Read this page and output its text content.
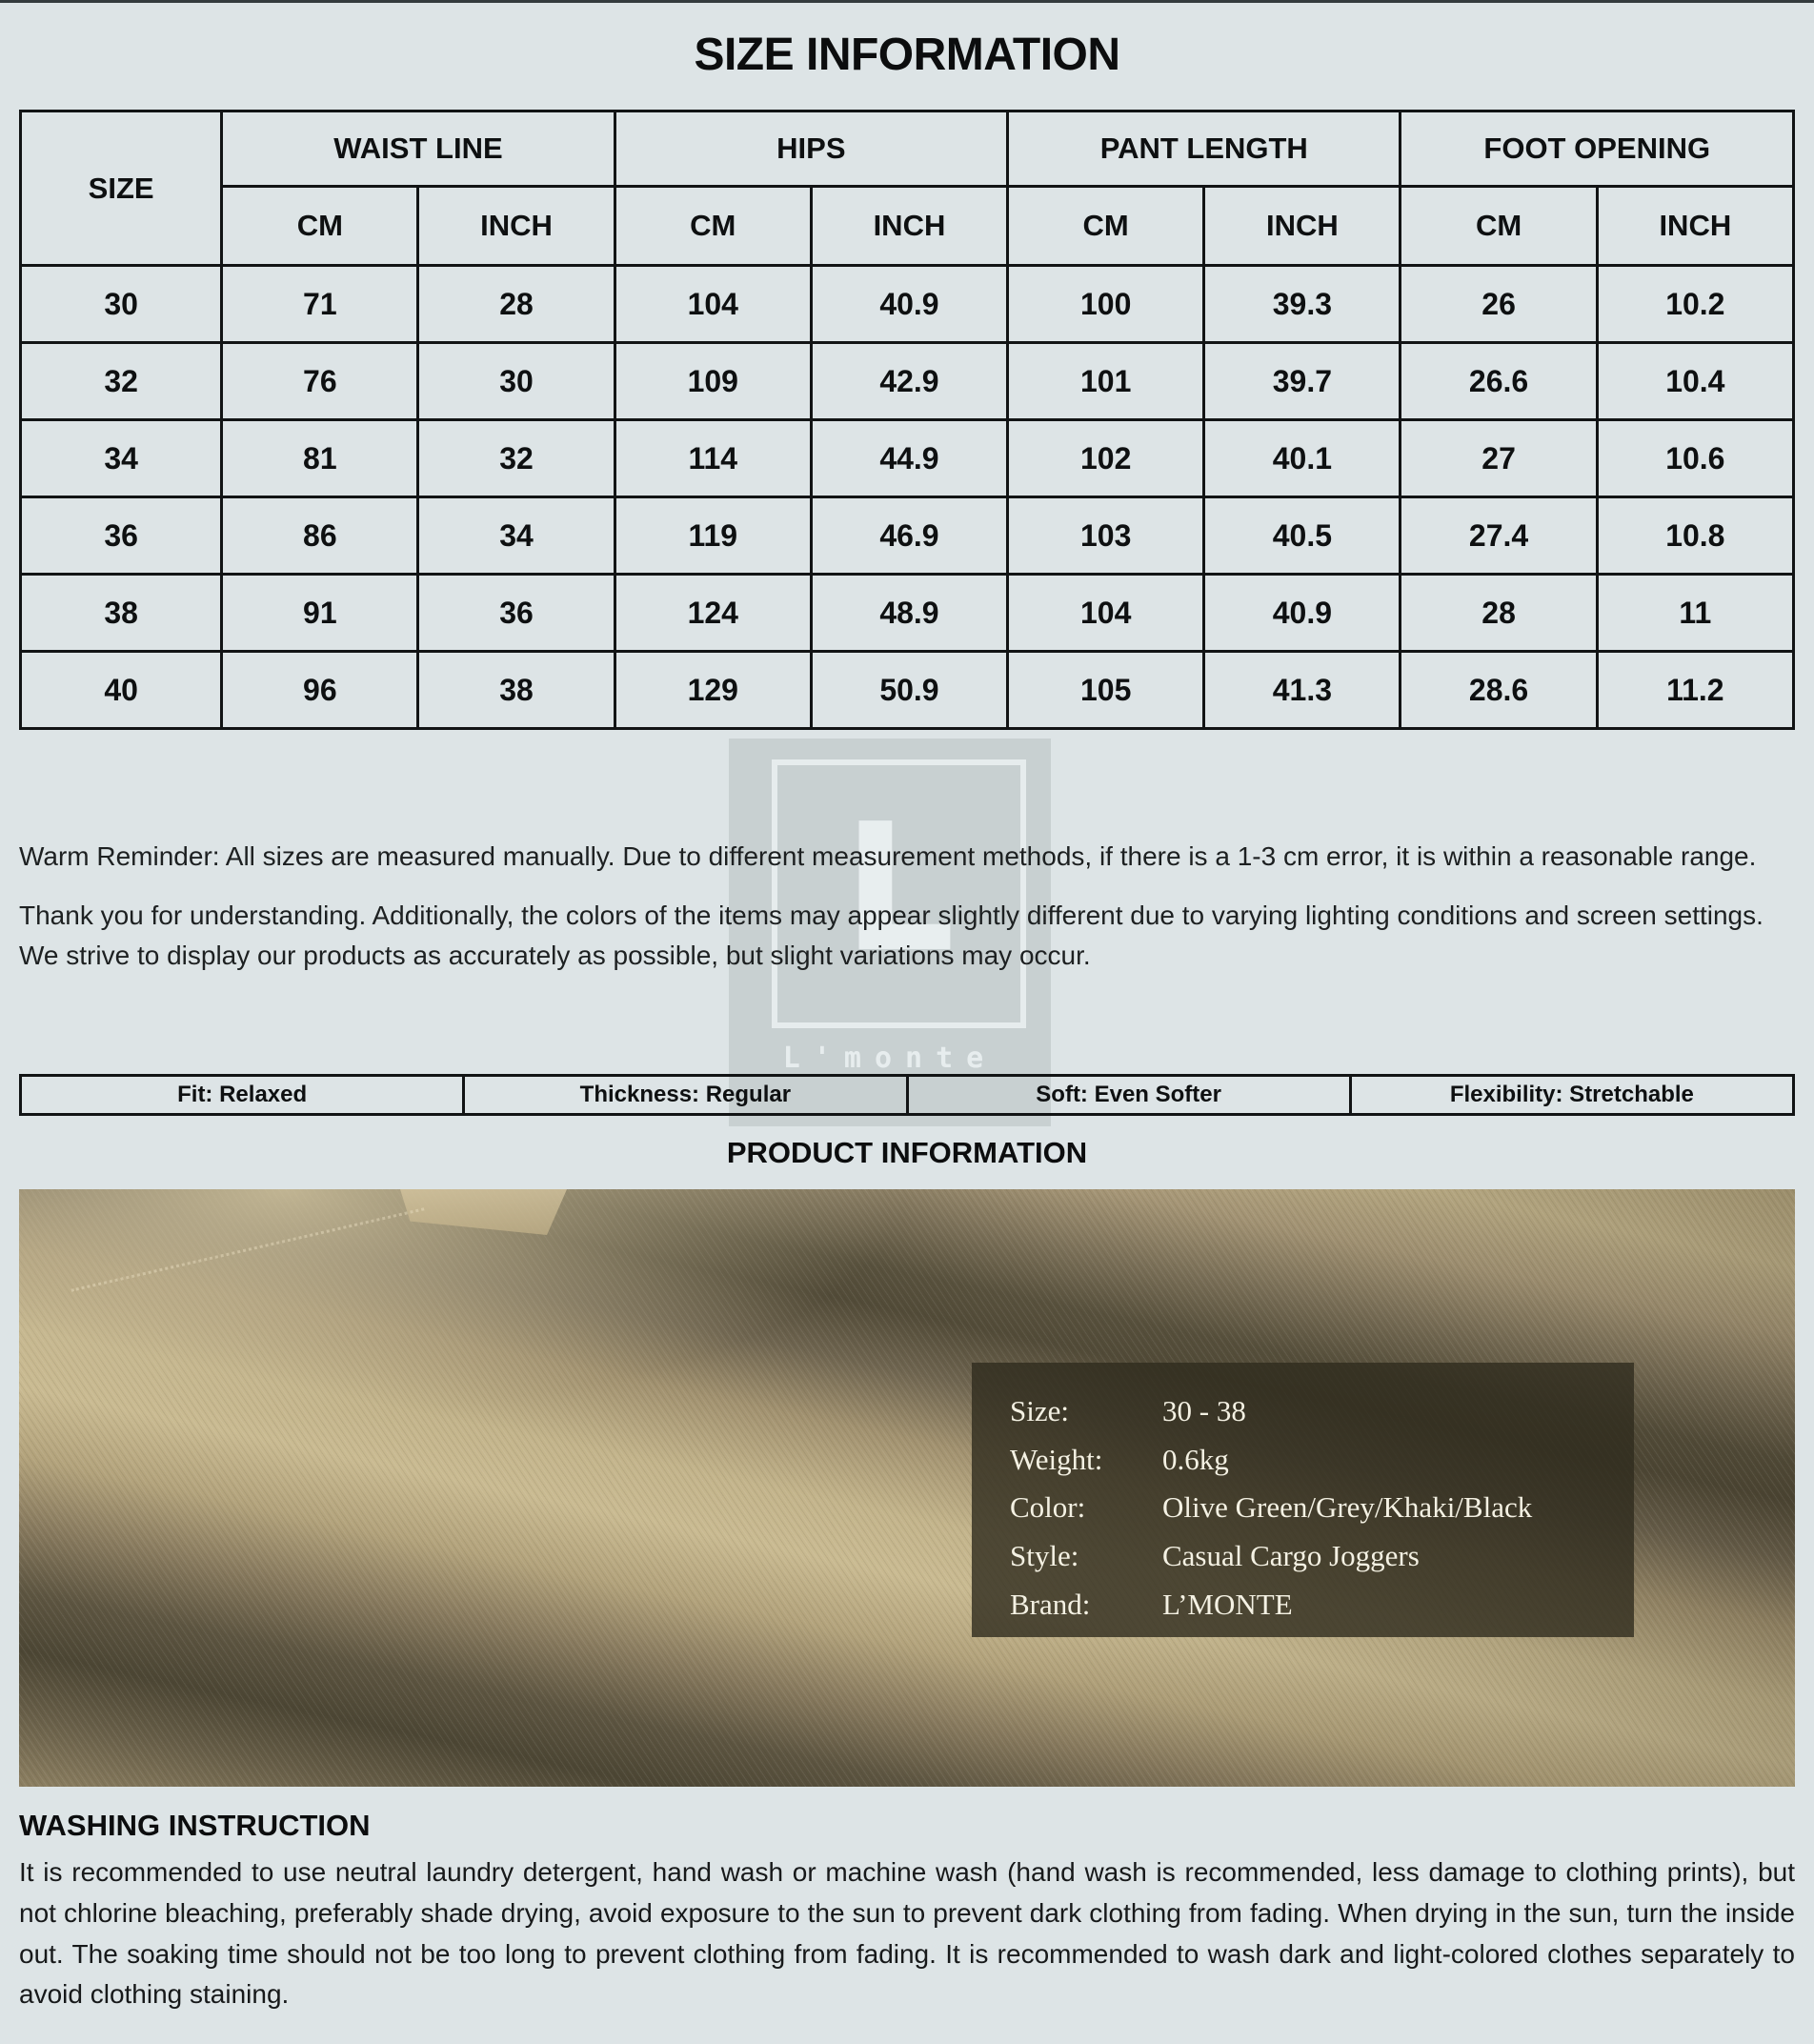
L
L'monte
SIZE INFORMATION
SIZE	WAIST LINE		HIPS		PANT LENGTH		FOOT OPENING	
	CM	INCH	CM	INCH	CM	INCH	CM	INCH
30	71	28	104	40.9	100	39.3	26	10.2
32	76	30	109	42.9	101	39.7	26.6	10.4
34	81	32	114	44.9	102	40.1	27	10.6
36	86	34	119	46.9	103	40.5	27.4	10.8
38	91	36	124	48.9	104	40.9	28	11
40	96	38	129	50.9	105	41.3	28.6	11.2

Warm Reminder: All sizes are measured manually. Due to different measurement methods, if there is a 1-3 cm error, it is within a reasonable range.

Thank you for understanding. Additionally, the colors of the items may appear slightly different due to varying lighting conditions and screen settings. We strive to display our products as accurately as possible, but slight variations may occur.

Fit: Relaxed	Thickness: Regular	Soft: Even Softer	Flexibility: Stretchable
PRODUCT INFORMATION
Size:	30 - 38
Weight:	0.6kg
Color:	Olive Green/Grey/Khaki/Black
Style:	Casual Cargo Joggers
Brand:	L’MONTE
WASHING INSTRUCTION
It is recommended to use neutral laundry detergent, hand wash or machine wash (hand wash is recommended, less damage to clothing prints), but not chlorine bleaching, preferably shade drying, avoid exposure to the sun to prevent dark clothing from fading. When drying in the sun, turn the inside out. The soaking time should not be too long to prevent clothing from fading. It is recommended to wash dark and light-colored clothes separately to avoid clothing staining.
